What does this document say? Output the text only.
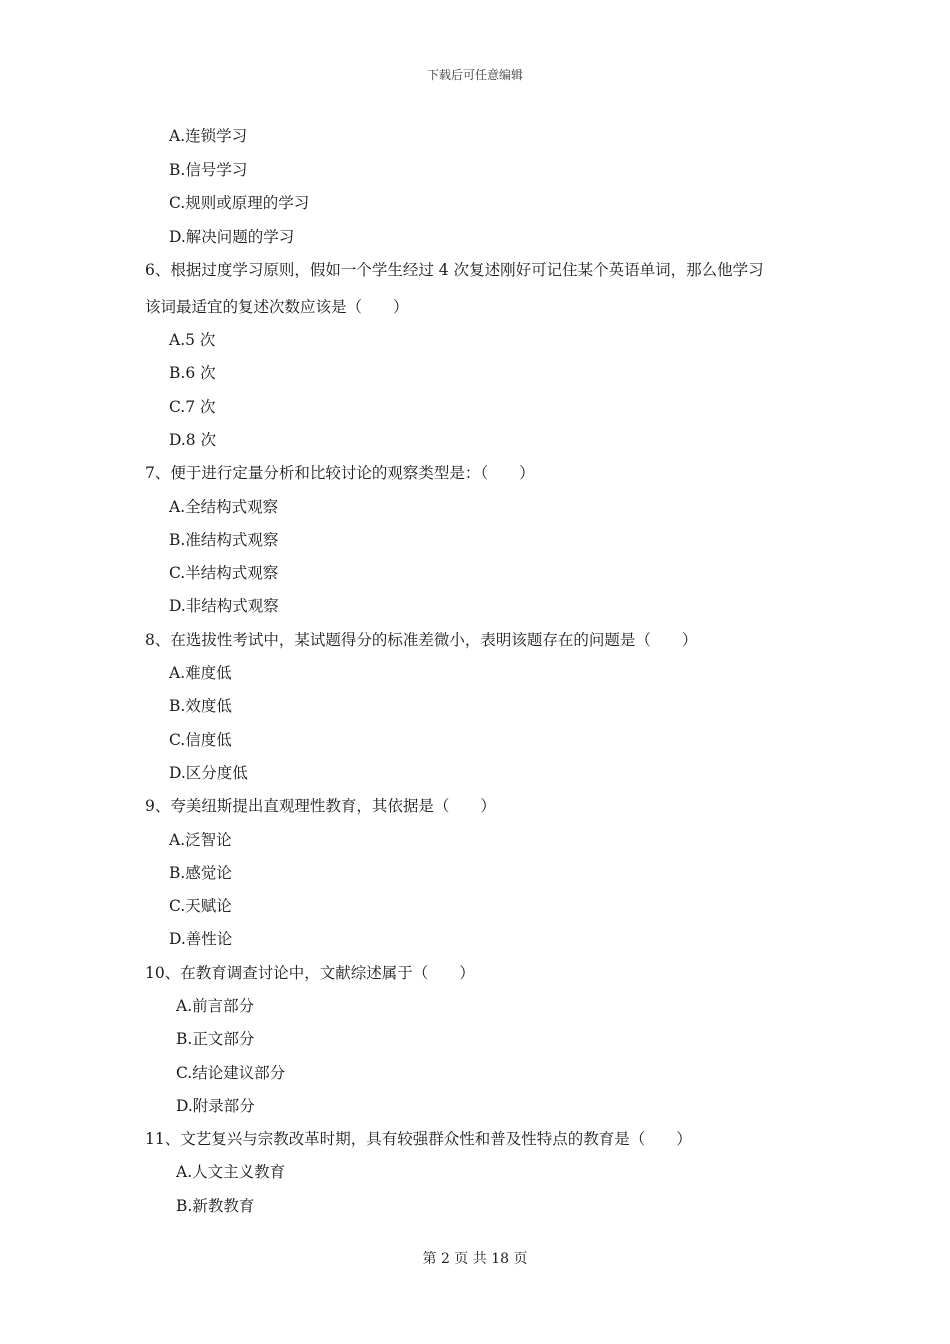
下载后可任意编辑
A.连锁学习
B.信号学习
C.规则或原理的学习
D.解决问题的学习
6、根据过度学习原则，假如一个学生经过 4 次复述刚好可记住某个英语单词，那么他学习
该词最适宜的复述次数应该是（　　）
A.5 次
B.6 次
C.7 次
D.8 次
7、便于进行定量分析和比较讨论的观察类型是：（　　）
A.全结构式观察
B.准结构式观察
C.半结构式观察
D.非结构式观察
8、在选拔性考试中，某试题得分的标准差微小，表明该题存在的问题是（　　）
A.难度低
B.效度低
C.信度低
D.区分度低
9、夸美纽斯提出直观理性教育，其依据是（　　）
A.泛智论
B.感觉论
C.天赋论
D.善性论
10、在教育调查讨论中，文献综述属于（　　）
A.前言部分
B.正文部分
C.结论建议部分
D.附录部分
11、文艺复兴与宗教改革时期，具有较强群众性和普及性特点的教育是（　　）
A.人文主义教育
B.新教教育
第 2 页 共 18 页
